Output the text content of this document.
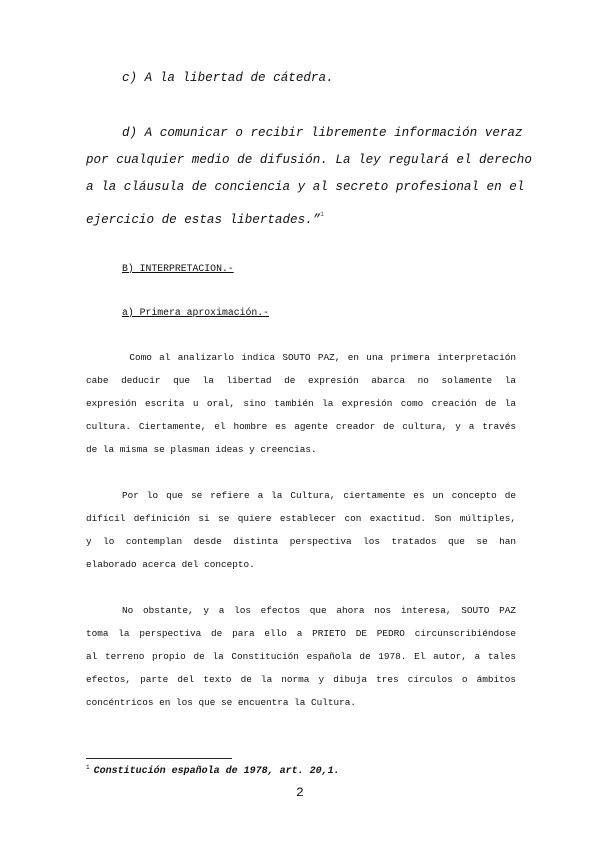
c) A la libertad de cátedra.
d) A comunicar o recibir libremente información veraz
por cualquier medio de difusión. La ley regulará el derecho
a la cláusula de conciencia y al secreto profesional en el
ejercicio de estas libertades.”$^1$
B) INTERPRETACION.-
a) Primera aproximación.-
Como al analizarlo indica SOUTO PAZ, en una primera interpretación
cabe deducir que la libertad de expresión abarca no solamente la
expresión escrita u oral, sino también la expresión como creación de la
cultura. Ciertamente, el hombre es agente creador de cultura, y a través
de la misma se plasman ideas y creencias.
Por lo que se refiere a la Cultura, ciertamente es un concepto de
difícil definición si se quiere establecer con exactitud. Son múltiples,
y lo contemplan desde distinta perspectiva los tratados que se han
elaborado acerca del concepto.
No obstante, y a los efectos que ahora nos interesa, SOUTO PAZ
toma la perspectiva de para ello a PRIETO DE PEDRO circunscribiéndose
al terreno propio de la Constitución española de 1978. El autor, a tales
efectos, parte del texto de la norma y dibuja tres círculos o ámbitos
concéntricos en los que se encuentra la Cultura.
$^1$ Constitución española de 1978, art. 20,1.
2
